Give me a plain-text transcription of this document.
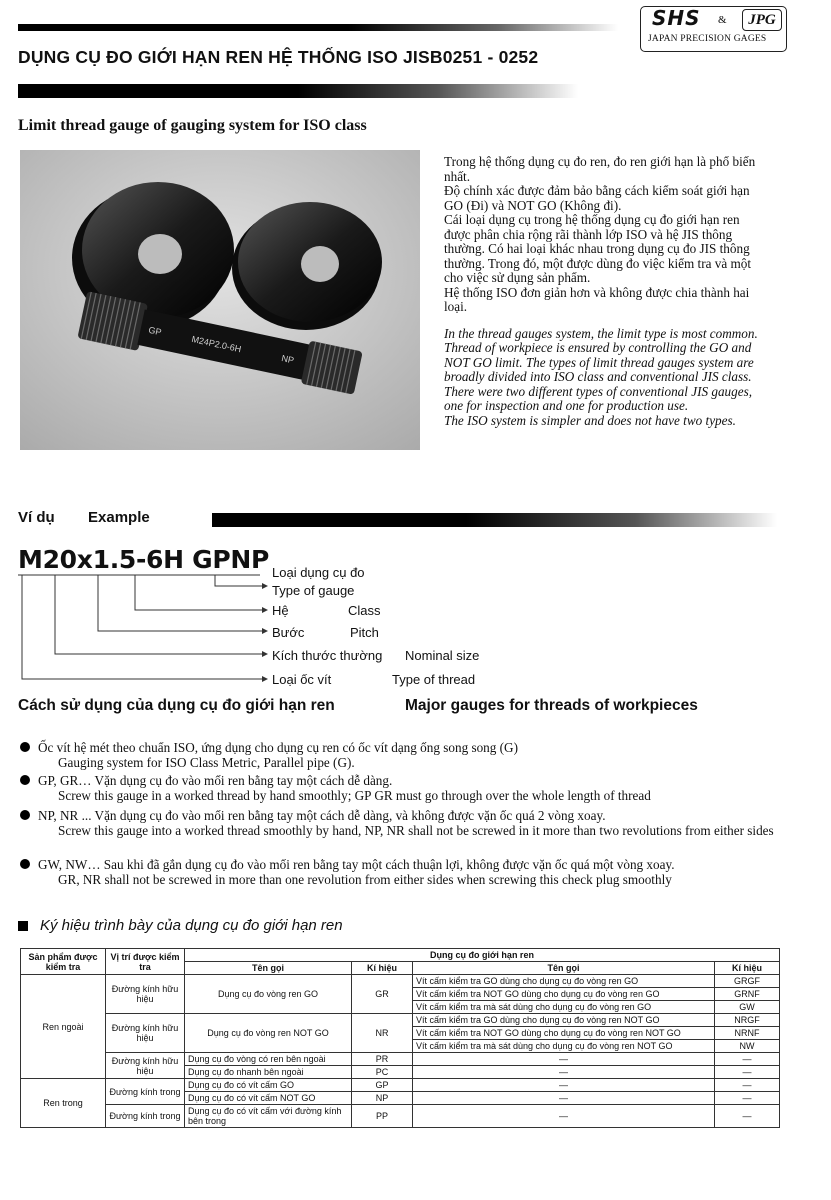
SHS &	JPG
JAPAN PRECISION GAGES
DỤNG CỤ ĐO GIỚI HẠN REN HỆ THỐNG ISO JISB0251 - 0252
Limit thread gauge of gauging system for ISO class
GP
M24P2.0-6H
NP

Trong hệ thống dụng cụ đo ren, đo ren giới hạn là phổ biến nhất.

Độ chính xác được đảm bảo bằng cách kiểm soát giới hạn GO (Đi) và NOT GO (Không đi).

Cái loại dụng cụ trong hệ thống dụng cụ đo giới hạn ren được phân chia rộng rãi thành lớp ISO và hệ JIS thông thường. Có hai loại khác nhau trong dụng cụ đo JIS thông thường. Trong đó, một được dùng đo việc kiểm tra và một cho việc sử dụng sản phẩm.

Hệ thống ISO đơn giản hơn và không được chia thành hai loại.

In the thread gauges system, the limit type is most common. Thread of workpiece is ensured by controlling the GO and NOT GO limit. The types of limit thread gauges system are broadly divided into ISO class and conventional JIS class. There were two different types of conventional JIS gauges, one for inspection and one for production use.

The ISO system is simpler and does not have two types.

Ví dụ Example
M20x1.5-6H GPNP Loại dụng cụ đo
Type of gauge
Hệ	Class
Bước	Pitch
Kích thước thường Nominal size
Loại ốc vít	Type of thread
Cách sử dụng của dụng cụ đo giới hạn ren	Major gauges for threads of workpieces
Ốc vít hệ mét theo chuẩn ISO, ứng dụng cho dụng cụ ren có ốc vít dạng ống song song (G)
Gauging system for ISO Class Metric, Parallel pipe (G).
GP, GR… Vặn dụng cụ đo vào mối ren bằng tay một cách dễ dàng.
Screw this gauge in a worked thread by hand smoothly; GP GR must go through over the whole length of thread
NP, NR ... Vặn dụng cụ đo vào mối ren bằng tay một cách dễ dàng, và không được vặn ốc quá 2 vòng xoay.
Screw this gauge into a worked thread smoothly by hand, NP, NR shall not be screwed in it more than two revolutions from either sides
GW, NW… Sau khi đã gắn dụng cụ đo vào mối ren bằng tay một cách thuận lợi, không được vặn ốc quá một vòng xoay.
GR, NR shall not be screwed in more than one revolution from either sides when screwing this check plug smoothly
Ký hiệu trình bày của dụng cụ đo giới hạn ren
Sản phẩm được kiểm tra	Vị trí được kiểm tra	Dụng cụ đo giới hạn ren			
		Tên gọi	Kí hiệu	Tên gọi	Kí hiệu
Ren ngoài	Đường kính hữu hiệu	Dụng cụ đo vòng ren GO	GR	Vít cấm kiểm tra GO dùng cho dụng cụ đo vòng ren GO	GRGF
				Vít cấm kiểm tra NOT GO dùng cho dụng cụ đo vòng ren GO	GRNF
				Vít cấm kiểm tra mà sát dùng cho dụng cụ đo vòng ren GO	GW
	Đường kính hữu hiệu	Dụng cụ đo vòng ren NOT GO	NR	Vít cấm kiểm tra GO dùng cho dụng cụ đo vòng ren NOT GO	NRGF
				Vít cấm kiểm tra NOT GO dùng cho dụng cụ đo vòng ren NOT GO	NRNF
				Vít cấm kiểm tra mà sát dùng cho dụng cụ đo vòng ren NOT GO	NW
	Đường kính hữu hiệu	Dụng cụ đo vòng có ren bên ngoài	PR	—	—
		Dụng cụ đo nhanh bên ngoài	PC	—	—
Ren trong	Đường kính trong	Dụng cụ đo có vít cấm GO	GP	—	—
		Dụng cụ đo có vít cấm NOT GO	NP	—	—
	Đường kính trong	Dụng cụ đo có vít cấm với đường kính bên trong	PP	—	—
